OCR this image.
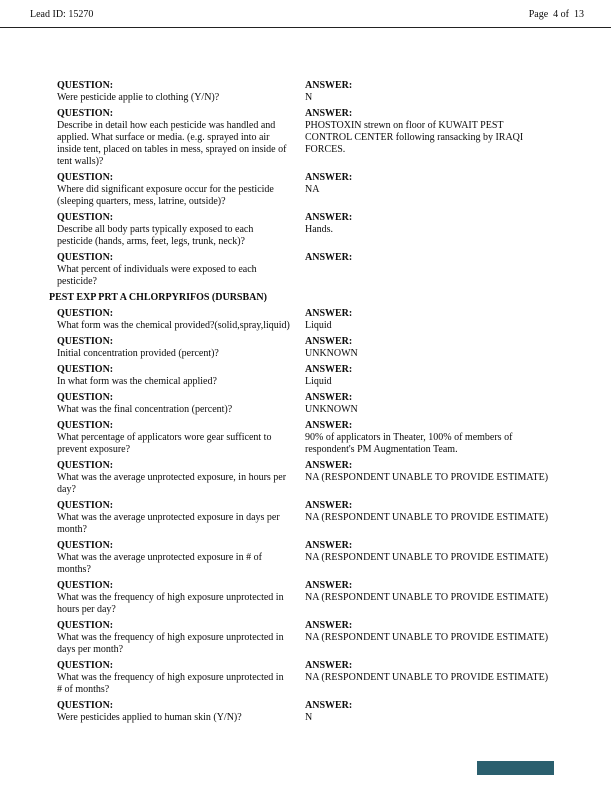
Lead ID: 15270	Page  4 of  13
QUESTION:
Were pesticide applie to clothing (Y/N)?
ANSWER:
N
QUESTION:
Describe in detail how each pesticide was handled and applied. What surface or media. (e.g. sprayed into air inside tent, placed on tables in mess, sprayed on inside of tent walls)?
ANSWER:
PHOSTOXIN strewn on floor of KUWAIT PEST CONTROL CENTER following ransacking by IRAQI FORCES.
QUESTION:
Where did significant exposure occur for the pesticide (sleeping quarters, mess, latrine, outside)?
ANSWER:
NA
QUESTION:
Describe all body parts typically exposed to each pesticide (hands, arms, feet, legs, trunk, neck)?
ANSWER:
Hands.
QUESTION:
What percent of individuals were exposed to each pesticide?
ANSWER:
PEST EXP PRT A CHLORPYRIFOS (DURSBAN)
QUESTION:
What form was the chemical provided?(solid,spray,liquid)
ANSWER:
Liquid
QUESTION:
Initial concentration provided (percent)?
ANSWER:
UNKNOWN
QUESTION:
In what form was the chemical applied?
ANSWER:
Liquid
QUESTION:
What was the final concentration (percent)?
ANSWER:
UNKNOWN
QUESTION:
What percentage of applicators wore gear sufficent to prevent exposure?
ANSWER:
90% of applicators in Theater, 100% of members of respondent's PM Augmentation Team.
QUESTION:
What was the average unprotected exposure, in hours per day?
ANSWER:
NA (RESPONDENT UNABLE TO PROVIDE ESTIMATE)
QUESTION:
What was the average unprotected exposure in days per month?
ANSWER:
NA (RESPONDENT UNABLE TO PROVIDE ESTIMATE)
QUESTION:
What was the average unprotected exposure in # of months?
ANSWER:
NA (RESPONDENT UNABLE TO PROVIDE ESTIMATE)
QUESTION:
What was the frequency of high exposure unprotected in hours per day?
ANSWER:
NA (RESPONDENT UNABLE TO PROVIDE ESTIMATE)
QUESTION:
What was the frequency of high exposure unprotected in days per month?
ANSWER:
NA (RESPONDENT UNABLE TO PROVIDE ESTIMATE)
QUESTION:
What was the frequency of high exposure unprotected in # of months?
ANSWER:
NA (RESPONDENT UNABLE TO PROVIDE ESTIMATE)
QUESTION:
Were pesticides applied to human skin (Y/N)?
ANSWER:
N
